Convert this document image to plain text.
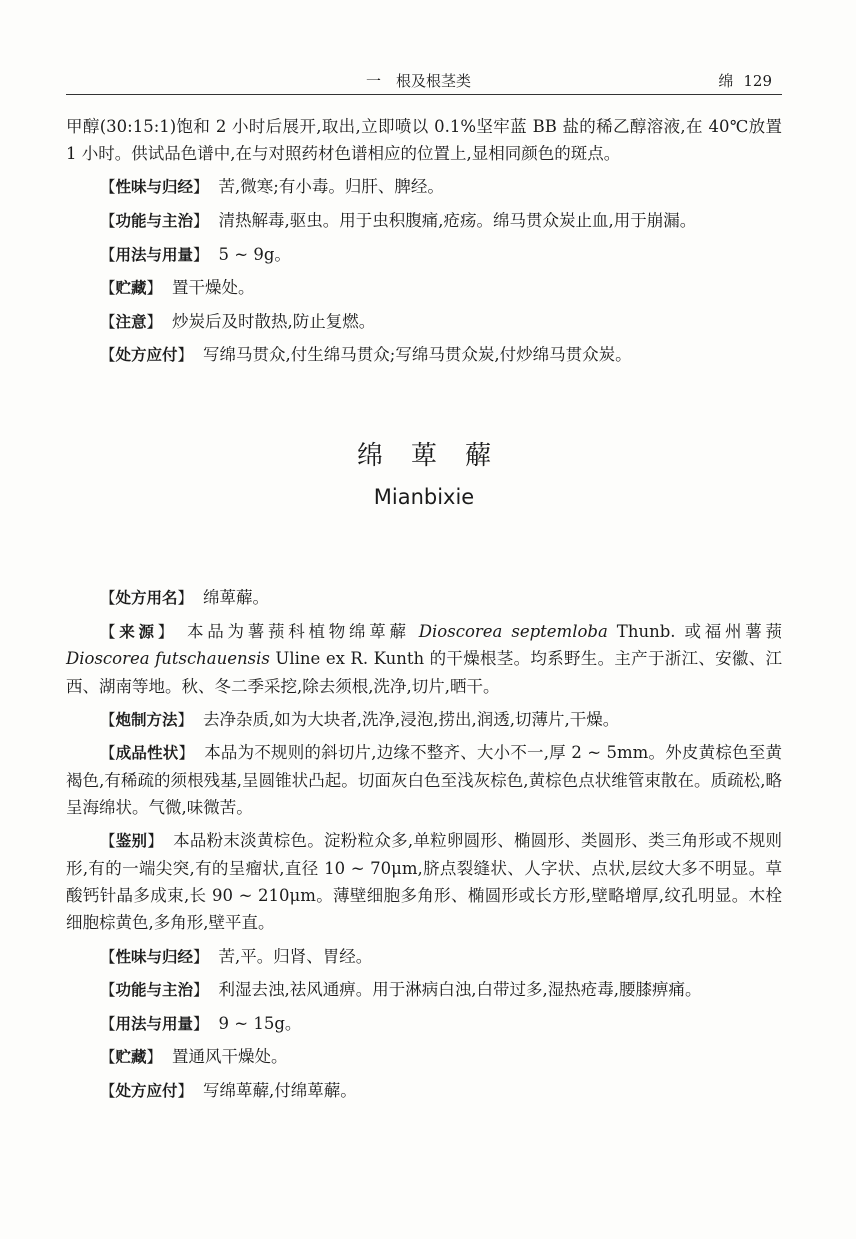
一　根及根茎类	绵 129

甲醇(30:15:1)饱和 2 小时后展开,取出,立即喷以 0.1%坚牢蓝 BB 盐的稀乙醇溶液,在 40℃放置 1 小时。供试品色谱中,在与对照药材色谱相应的位置上,显相同颜色的斑点。

【性味与归经】 苦,微寒;有小毒。归肝、脾经。

【功能与主治】 清热解毒,驱虫。用于虫积腹痛,疮疡。绵马贯众炭止血,用于崩漏。

【用法与用量】 5 ~ 9g。

【贮藏】 置干燥处。

【注意】 炒炭后及时散热,防止复燃。

【处方应付】 写绵马贯众,付生绵马贯众;写绵马贯众炭,付炒绵马贯众炭。

绵萆薢
Mianbixie

【处方用名】 绵萆薢。

【来源】 本品为薯蓣科植物绵萆薢 Dioscorea septemloba Thunb. 或福州薯蓣 Dioscorea futschauensis Uline ex R. Kunth 的干燥根茎。均系野生。主产于浙江、安徽、江西、湖南等地。秋、冬二季采挖,除去须根,洗净,切片,晒干。

【炮制方法】 去净杂质,如为大块者,洗净,浸泡,捞出,润透,切薄片,干燥。

【成品性状】 本品为不规则的斜切片,边缘不整齐、大小不一,厚 2 ~ 5mm。外皮黄棕色至黄褐色,有稀疏的须根残基,呈圆锥状凸起。切面灰白色至浅灰棕色,黄棕色点状维管束散在。质疏松,略呈海绵状。气微,味微苦。

【鉴别】 本品粉末淡黄棕色。淀粉粒众多,单粒卵圆形、椭圆形、类圆形、类三角形或不规则形,有的一端尖突,有的呈瘤状,直径 10 ~ 70μm,脐点裂缝状、人字状、点状,层纹大多不明显。草酸钙针晶多成束,长 90 ~ 210μm。薄壁细胞多角形、椭圆形或长方形,壁略增厚,纹孔明显。木栓细胞棕黄色,多角形,壁平直。

【性味与归经】 苦,平。归肾、胃经。

【功能与主治】 利湿去浊,祛风通痹。用于淋病白浊,白带过多,湿热疮毒,腰膝痹痛。

【用法与用量】 9 ~ 15g。

【贮藏】 置通风干燥处。

【处方应付】 写绵萆薢,付绵萆薢。
